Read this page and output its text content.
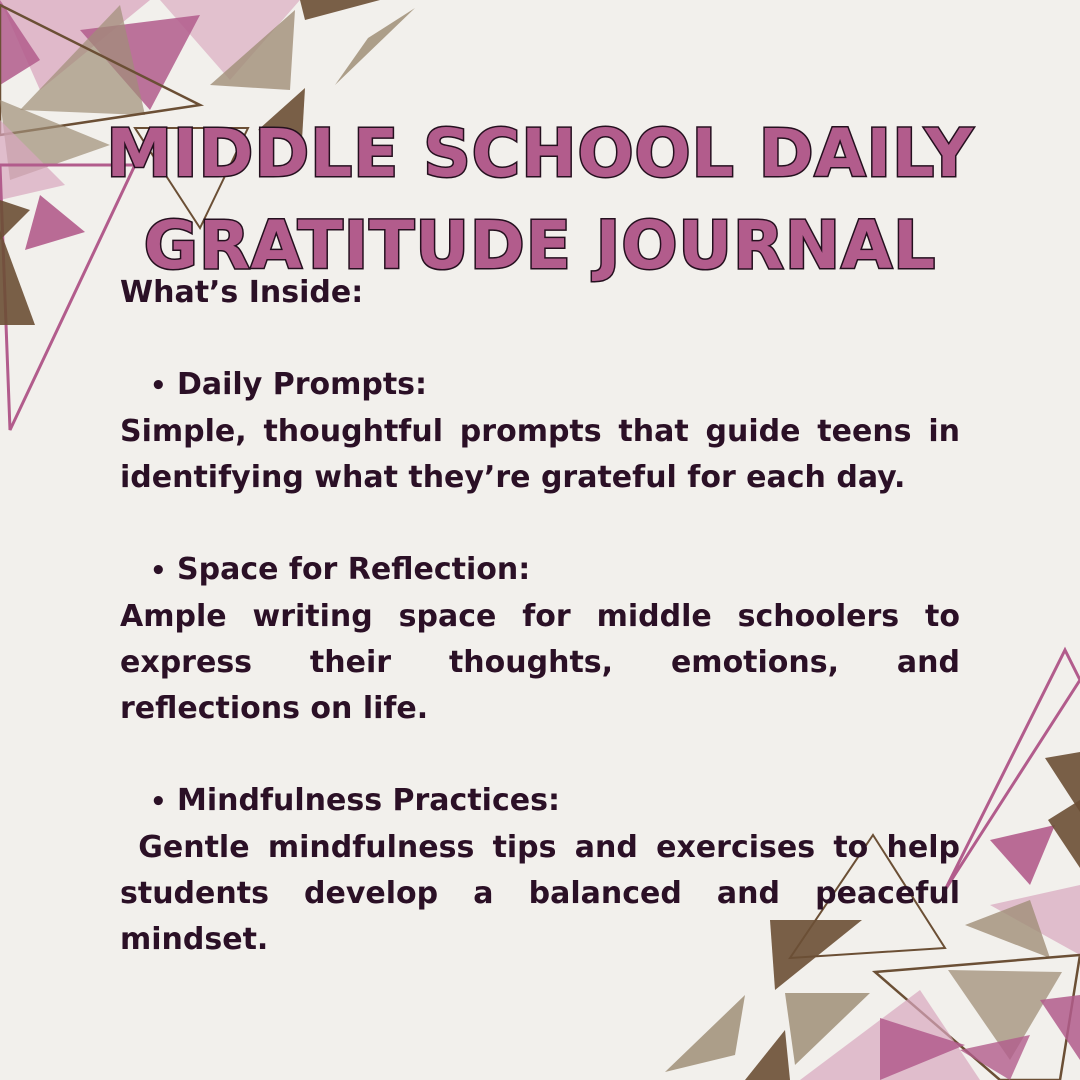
MIDDLE SCHOOL DAILY
GRATITUDE JOURNAL

What’s Inside:

• Daily Prompts:

Simple, thoughtful prompts that guide teens in identifying what they’re grateful for each day.

• Space for Reflection:

Ample writing space for middle schoolers to express their thoughts, emotions, and reflections on life.

• Mindfulness Practices:

Gentle mindfulness tips and exercises to help students develop a balanced and peaceful mindset.
